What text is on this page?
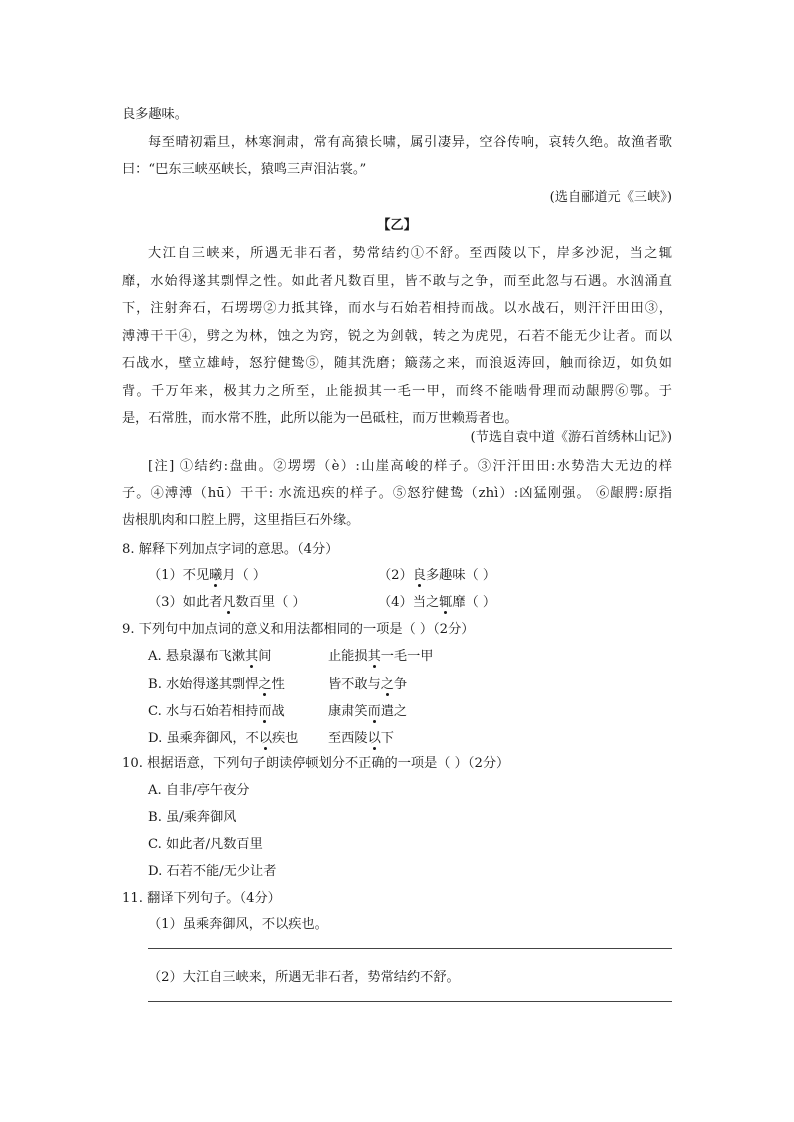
良多趣味。
每至晴初霜旦，林寒涧肃，常有高猿长啸，属引凄异，空谷传响，哀转久绝。故渔者歌
曰：“巴东三峡巫峡长，猿鸣三声泪沾裳。”
(选自郦道元《三峡》)
【乙】
大江自三峡来，所遇无非石者，势常结约①不舒。至西陵以下，岸多沙泥，当之辄
靡，水始得遂其剽悍之性。如此者凡数百里，皆不敢与之争，而至此忽与石遇。水汹涌直
下，注射奔石，石塄塄②力抵其锋，而水与石始若相持而战。以水战石，则汗汗田田③，
溥溥干干④，劈之为林，蚀之为窍，锐之为剑戟，转之为虎兕，石若不能无少让者。而以
石战水，壁立雄峙，怒狞健鸷⑤，随其洗磨；簸荡之来，而浪返涛回，触而徐迈，如负如
背。千万年来，极其力之所至，止能损其一毛一甲，而终不能啮骨理而动龈腭⑥鄂。于
是，石常胜，而水常不胜，此所以能为一邑砥柱，而万世赖焉者也。
(节选自袁中道《游石首绣林山记》)
[注] ①结约:盘曲。②塄塄（è）:山崖高峻的样子。③汗汗田田:水势浩大无边的样
子。④溥溥（hū）干干: 水流迅疾的样子。⑤怒狞健鸷（zhì）:凶猛刚强。 ⑥龈腭:原指
齿根肌肉和口腔上腭，这里指巨石外缘。
8. 解释下列加点字词的意思。（4分）
（1）不见曦月（ ）	（2）良多趣味（ ）
（3）如此者凡数百里（ ）	（4）当之辄靡（ ）
9. 下列句中加点词的意义和用法都相同的一项是（ ）（2分）
A. 悬泉瀑布飞漱其间	止能损其一毛一甲
B. 水始得遂其剽悍之性	皆不敢与之争
C. 水与石始若相持而战	康肃笑而遣之
D. 虽乘奔御风，不以疾也 至西陵以下
10. 根据语意，下列句子朗读停顿划分不正确的一项是（ ）（2分）
A. 自非/亭午夜分
B. 虽/乘奔御风
C. 如此者/凡数百里
D. 石若不能/无少让者
11. 翻译下列句子。（4分）
（1）虽乘奔御风，不以疾也。
（2）大江自三峡来，所遇无非石者，势常结约不舒。
